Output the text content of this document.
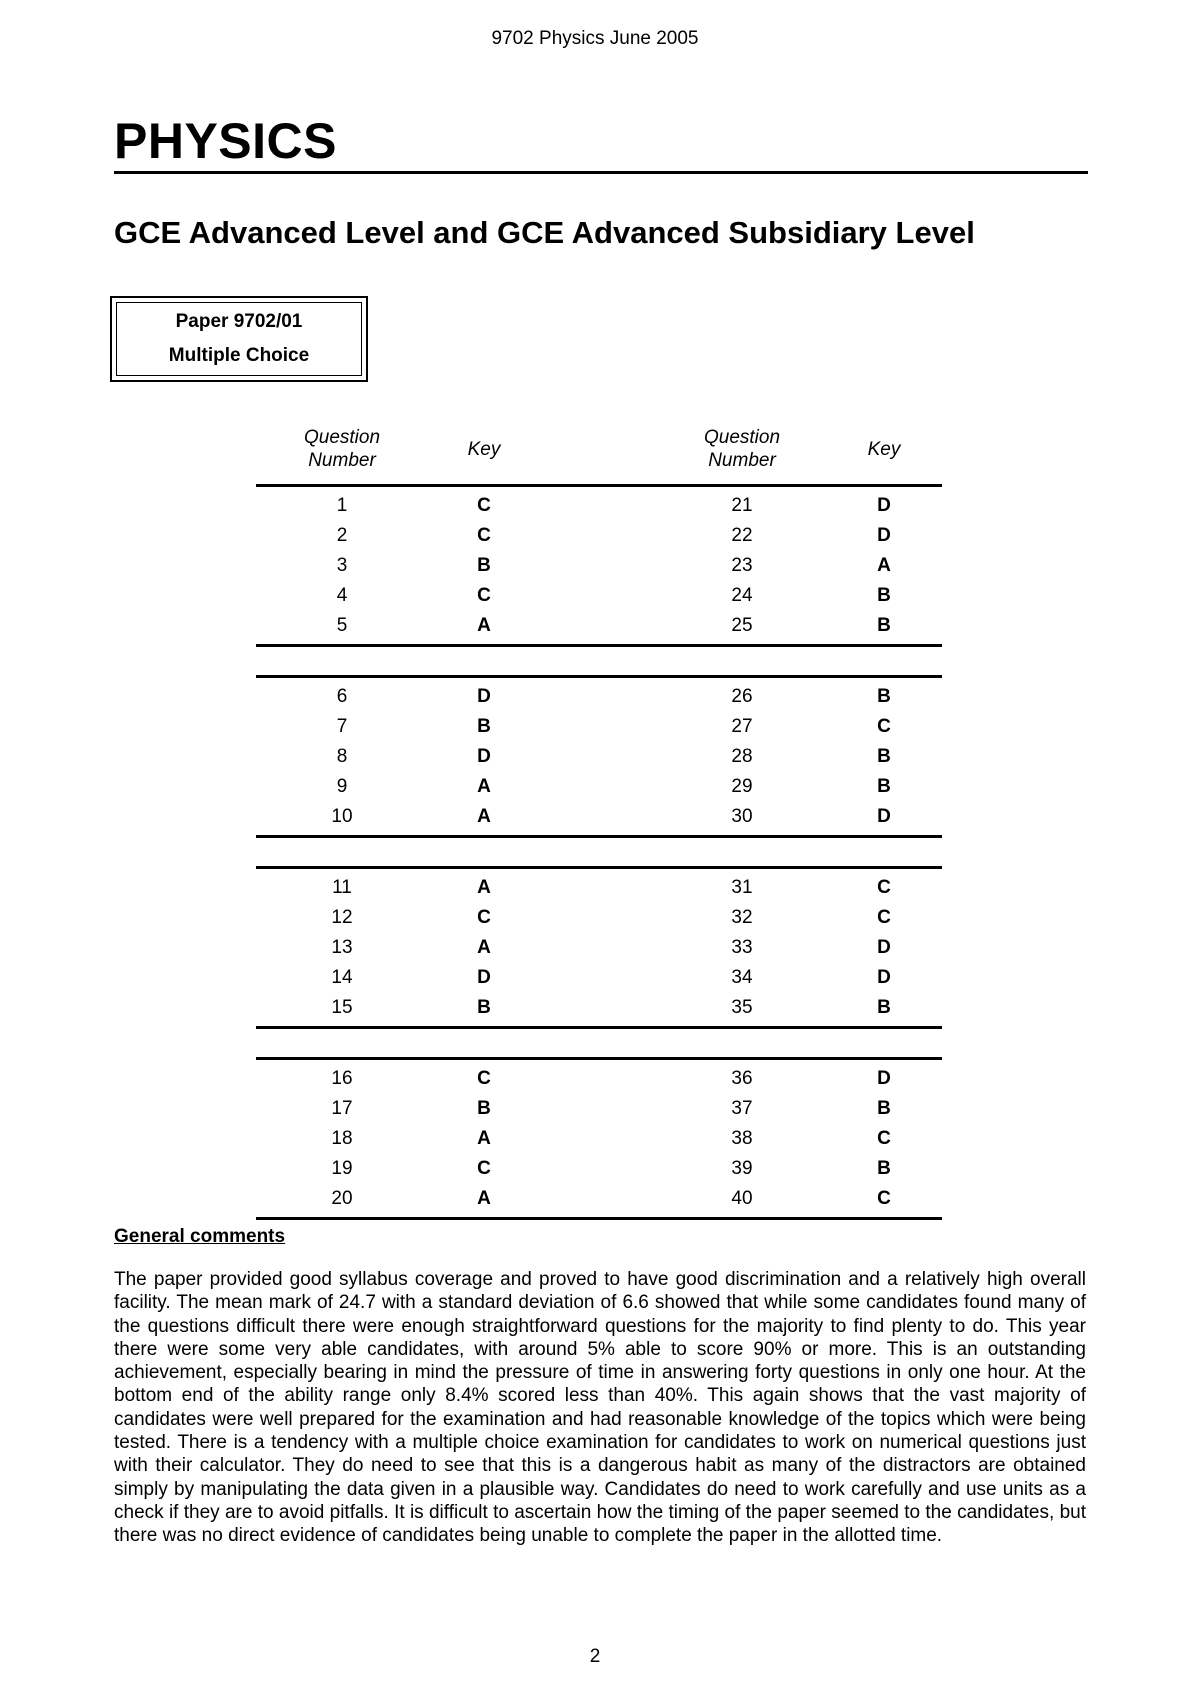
9702 Physics June 2005
PHYSICS
GCE Advanced Level and GCE Advanced Subsidiary Level
Paper 9702/01
Multiple Choice
Question
Number
Key
Question
Number
Key
1	C	21	D
2	C	22	D
3	B	23	A
4	C	24	B
5	A	25	B
6	D	26	B
7	B	27	C
8	D	28	B
9	A	29	B
10	A	30	D
11	A	31	C
12	C	32	C
13	A	33	D
14	D	34	D
15	B	35	B
16	C	36	D
17	B	37	B
18	A	38	C
19	C	39	B
20	A	40	C
General comments
The paper provided good syllabus coverage and proved to have good discrimination and a relatively high overall facility. The mean mark of 24.7 with a standard deviation of 6.6 showed that while some candidates found many of the questions difficult there were enough straightforward questions for the majority to find plenty to do. This year there were some very able candidates, with around 5% able to score 90% or more. This is an outstanding achievement, especially bearing in mind the pressure of time in answering forty questions in only one hour. At the bottom end of the ability range only 8.4% scored less than 40%. This again shows that the vast majority of candidates were well prepared for the examination and had reasonable knowledge of the topics which were being tested. There is a tendency with a multiple choice examination for candidates to work on numerical questions just with their calculator. They do need to see that this is a dangerous habit as many of the distractors are obtained simply by manipulating the data given in a plausible way. Candidates do need to work carefully and use units as a check if they are to avoid pitfalls. It is difficult to ascertain how the timing of the paper seemed to the candidates, but there was no direct evidence of candidates being unable to complete the paper in the allotted time.
2
